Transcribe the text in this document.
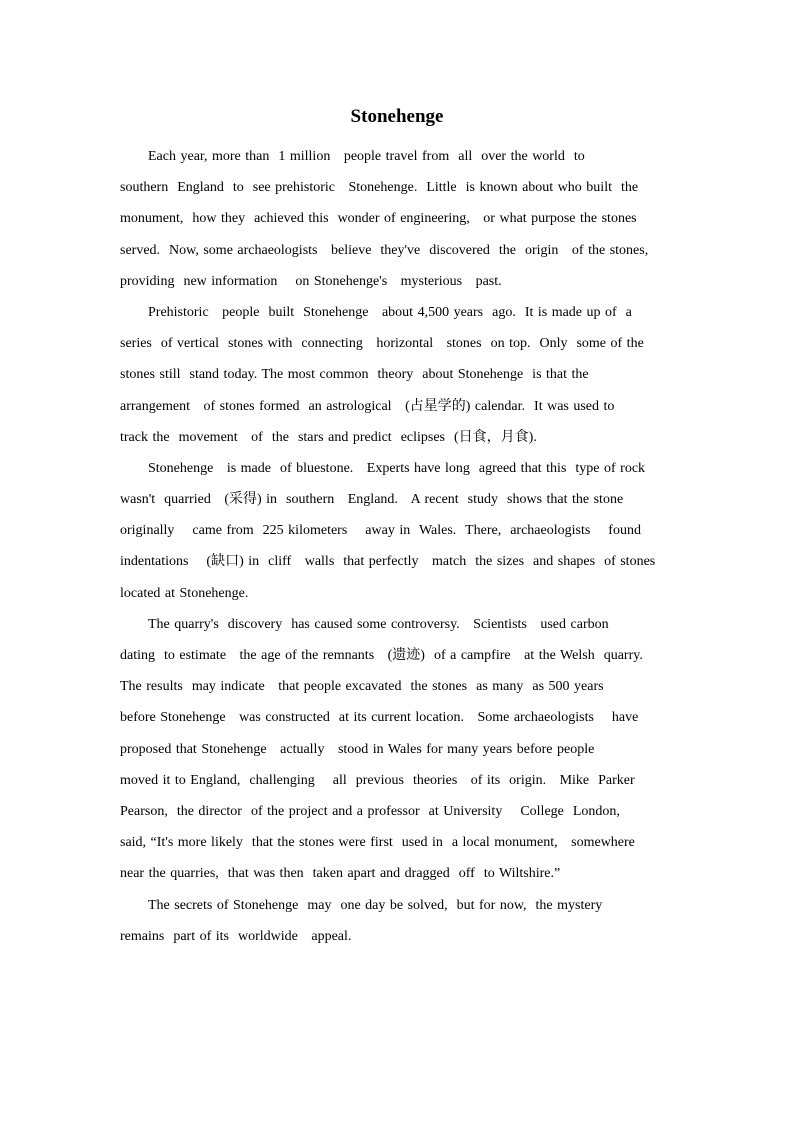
Stonehenge
Each year, more than  1 million   people travel from  all  over the world  to
southern  England  to  see prehistoric   Stonehenge.  Little  is known about who built  the
monument,  how they  achieved this  wonder of engineering,   or what purpose the stones
served.  Now, some archaeologists   believe  they've  discovered  the  origin   of the stones,
providing  new information    on Stonehenge's   mysterious   past.
Prehistoric   people  built  Stonehenge   about 4,500 years  ago.  It is made up of  a
series  of vertical  stones with  connecting   horizontal   stones  on top.  Only  some of the
stones still  stand today. The most common  theory  about Stonehenge  is that the
arrangement   of stones formed  an astrological   (占星学的) calendar.  It was used to
track the  movement   of  the  stars and predict  eclipses  (日食，月食).
Stonehenge   is made  of bluestone.   Experts have long  agreed that this  type of rock
wasn't  quarried   (采得) in  southern   England.   A recent  study  shows that the stone
originally    came from  225 kilometers    away in  Wales.  There,  archaeologists    found
indentations    (缺口) in  cliff   walls  that perfectly   match  the sizes  and shapes  of stones
located at Stonehenge.
The quarry's  discovery  has caused some controversy.   Scientists   used carbon
dating  to estimate   the age of the remnants   (遗迹)  of a campfire   at the Welsh  quarry.
The results  may indicate   that people excavated  the stones  as many  as 500 years
before Stonehenge   was constructed  at its current location.   Some archaeologists    have
proposed that Stonehenge   actually   stood in Wales for many years before people
moved it to England,  challenging    all  previous  theories   of its  origin.   Mike  Parker
Pearson,  the director  of the project and a professor  at University    College  London,
said, “It's more likely  that the stones were first  used in  a local monument,   somewhere
near the quarries,  that was then  taken apart and dragged  off  to Wiltshire.”
The secrets of Stonehenge  may  one day be solved,  but for now,  the mystery
remains  part of its  worldwide   appeal.
